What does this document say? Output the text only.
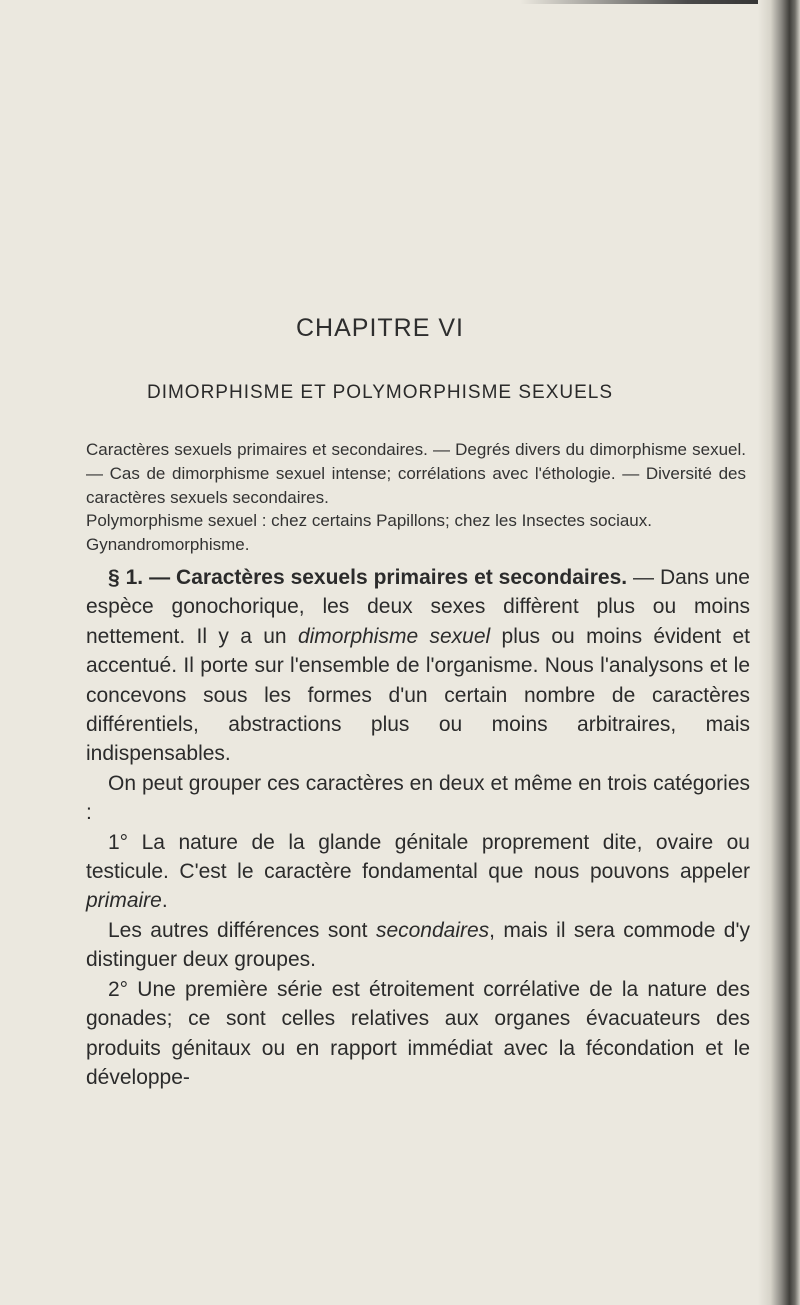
CHAPITRE VI
DIMORPHISME ET POLYMORPHISME SEXUELS

Caractères sexuels primaires et secondaires. — Degrés divers du dimorphisme sexuel. — Cas de dimorphisme sexuel intense; corrélations avec l'éthologie. — Diversité des caractères sexuels secondaires.

Polymorphisme sexuel : chez certains Papillons; chez les Insectes sociaux.

Gynandromorphisme.

§ 1. — Caractères sexuels primaires et secondaires. — Dans une espèce gonochorique, les deux sexes diffèrent plus ou moins nettement. Il y a un dimorphisme sexuel plus ou moins évident et accentué. Il porte sur l'ensemble de l'organisme. Nous l'analysons et le concevons sous les formes d'un certain nombre de caractères différentiels, abstractions plus ou moins arbitraires, mais indispensables.

On peut grouper ces caractères en deux et même en trois catégories :

1° La nature de la glande génitale proprement dite, ovaire ou testicule. C'est le caractère fondamental que nous pouvons appeler primaire.

Les autres différences sont secondaires, mais il sera commode d'y distinguer deux groupes.

2° Une première série est étroitement corrélative de la nature des gonades; ce sont celles relatives aux organes évacuateurs des produits génitaux ou en rapport immédiat avec la fécondation et le développe-
